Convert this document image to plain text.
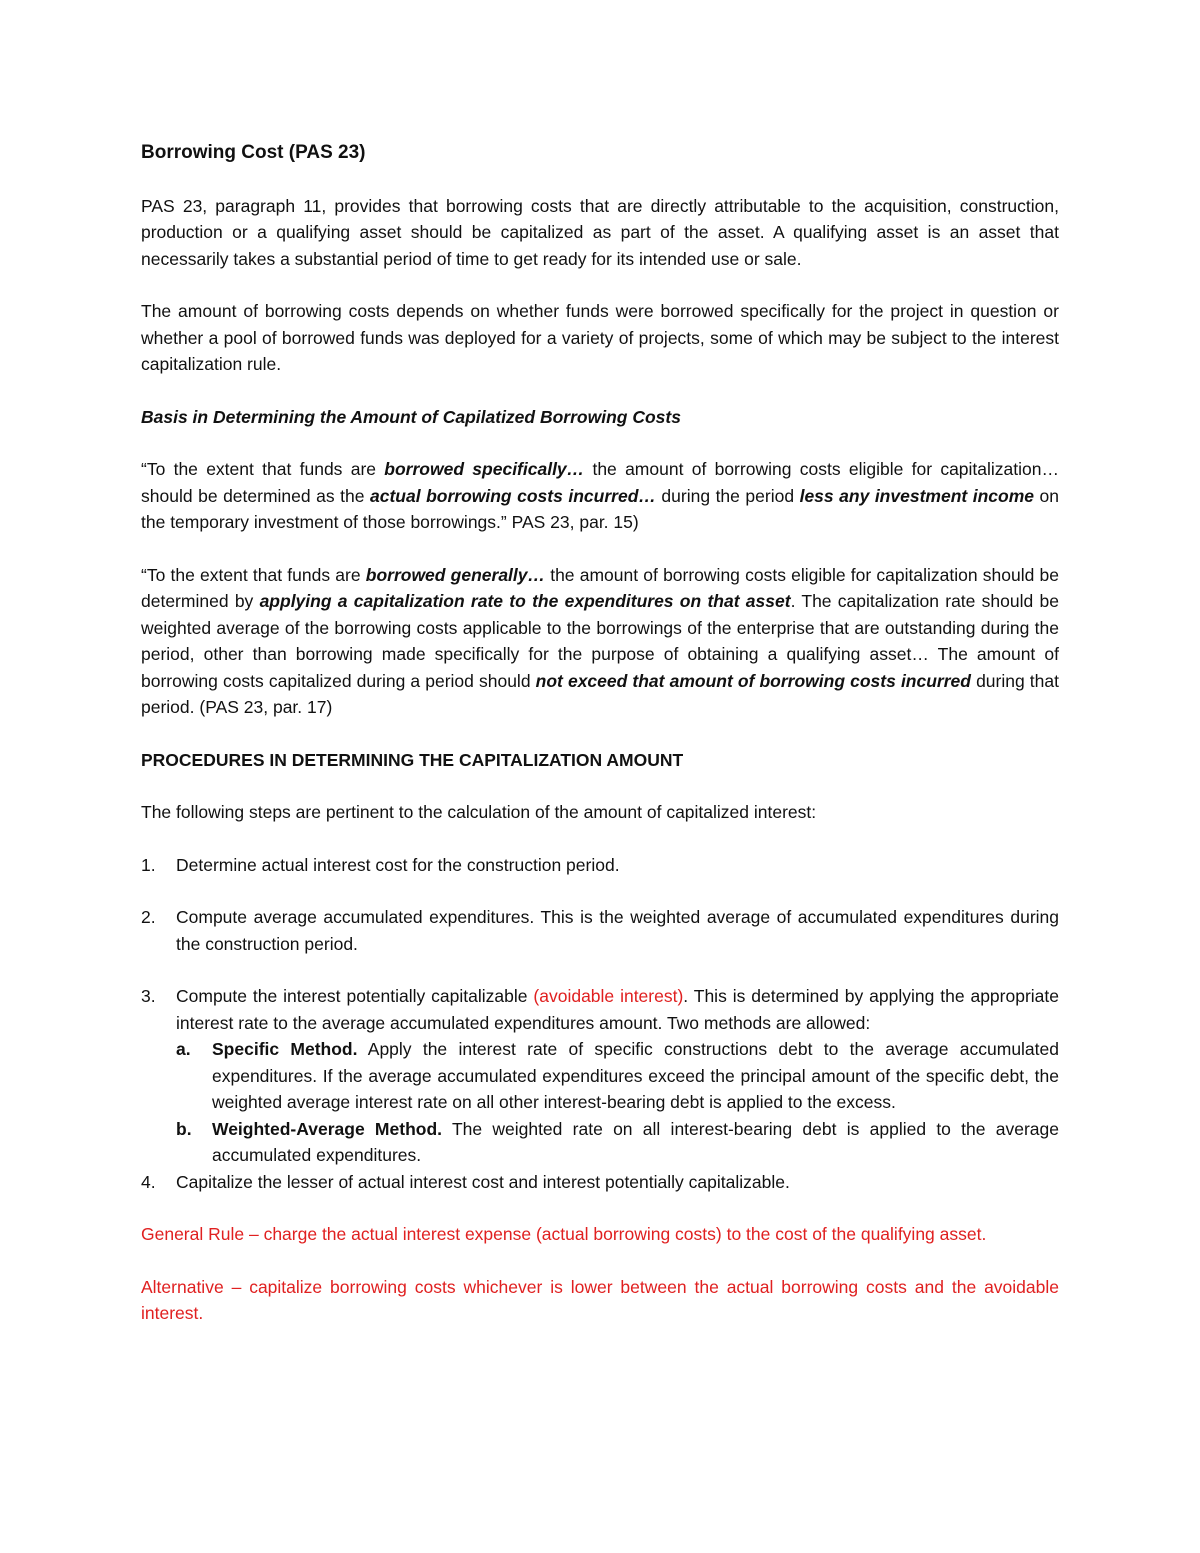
Borrowing Cost (PAS 23)

PAS 23, paragraph 11, provides that borrowing costs that are directly attributable to the acquisition, construction, production or a qualifying asset should be capitalized as part of the asset. A qualifying asset is an asset that necessarily takes a substantial period of time to get ready for its intended use or sale.

The amount of borrowing costs depends on whether funds were borrowed specifically for the project in question or whether a pool of borrowed funds was deployed for a variety of projects, some of which may be subject to the interest capitalization rule.

Basis in Determining the Amount of Capilatized Borrowing Costs

“To the extent that funds are borrowed specifically… the amount of borrowing costs eligible for capitalization… should be determined as the actual borrowing costs incurred… during the period less any investment income on the temporary investment of those borrowings.” PAS 23, par. 15)

“To the extent that funds are borrowed generally… the amount of borrowing costs eligible for capitalization should be determined by applying a capitalization rate to the expenditures on that asset. The capitalization rate should be weighted average of the borrowing costs applicable to the borrowings of the enterprise that are outstanding during the period, other than borrowing made specifically for the purpose of obtaining a qualifying asset… The amount of borrowing costs capitalized during a period should not exceed that amount of borrowing costs incurred during that period. (PAS 23, par. 17)

PROCEDURES IN DETERMINING THE CAPITALIZATION AMOUNT

The following steps are pertinent to the calculation of the amount of capitalized interest:

1. Determine actual interest cost for the construction period.
2. Compute average accumulated expenditures. This is the weighted average of accumulated expenditures during the construction period.
3. Compute the interest potentially capitalizable (avoidable interest). This is determined by applying the appropriate interest rate to the average accumulated expenditures amount. Two methods are allowed:
a. Specific Method. Apply the interest rate of specific constructions debt to the average accumulated expenditures. If the average accumulated expenditures exceed the principal amount of the specific debt, the weighted average interest rate on all other interest-bearing debt is applied to the excess.
b. Weighted-Average Method. The weighted rate on all interest-bearing debt is applied to the average accumulated expenditures.
4. Capitalize the lesser of actual interest cost and interest potentially capitalizable.

General Rule – charge the actual interest expense (actual borrowing costs) to the cost of the qualifying asset.

Alternative – capitalize borrowing costs whichever is lower between the actual borrowing costs and the avoidable interest.
